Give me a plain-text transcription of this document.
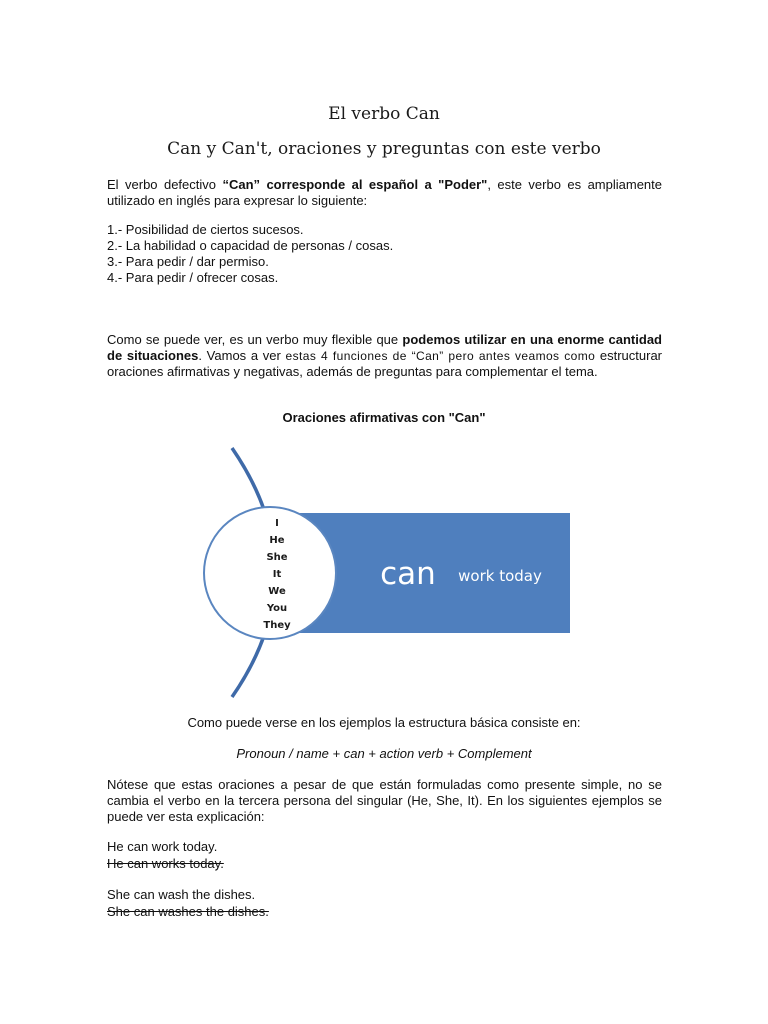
El verbo Can
Can y Can't, oraciones y preguntas con este verbo
El verbo defectivo “Can” corresponde al español a "Poder", este verbo es ampliamente utilizado en inglés para expresar lo siguiente:
1.- Posibilidad de ciertos sucesos.
2.- La habilidad o capacidad de personas / cosas.
3.- Para pedir / dar permiso.
4.- Para pedir / ofrecer cosas.
Como se puede ver, es un verbo muy flexible que podemos utilizar en una enorme cantidad de situaciones. Vamos a ver estas 4 funciones de “Can” pero antes veamos como estructurar oraciones afirmativas y negativas, además de preguntas para complementar el tema.
Oraciones afirmativas con "Can"
I
He
She
It
We
You
They
can work today
Como puede verse en los ejemplos la estructura básica consiste en:
Pronoun / name + can + action verb + Complement
Nótese que estas oraciones a pesar de que están formuladas como presente simple, no se cambia el verbo en la tercera persona del singular (He, She, It). En los siguientes ejemplos se puede ver esta explicación:
He can work today.
He can works today.
She can wash the dishes.
She can washes the dishes.
